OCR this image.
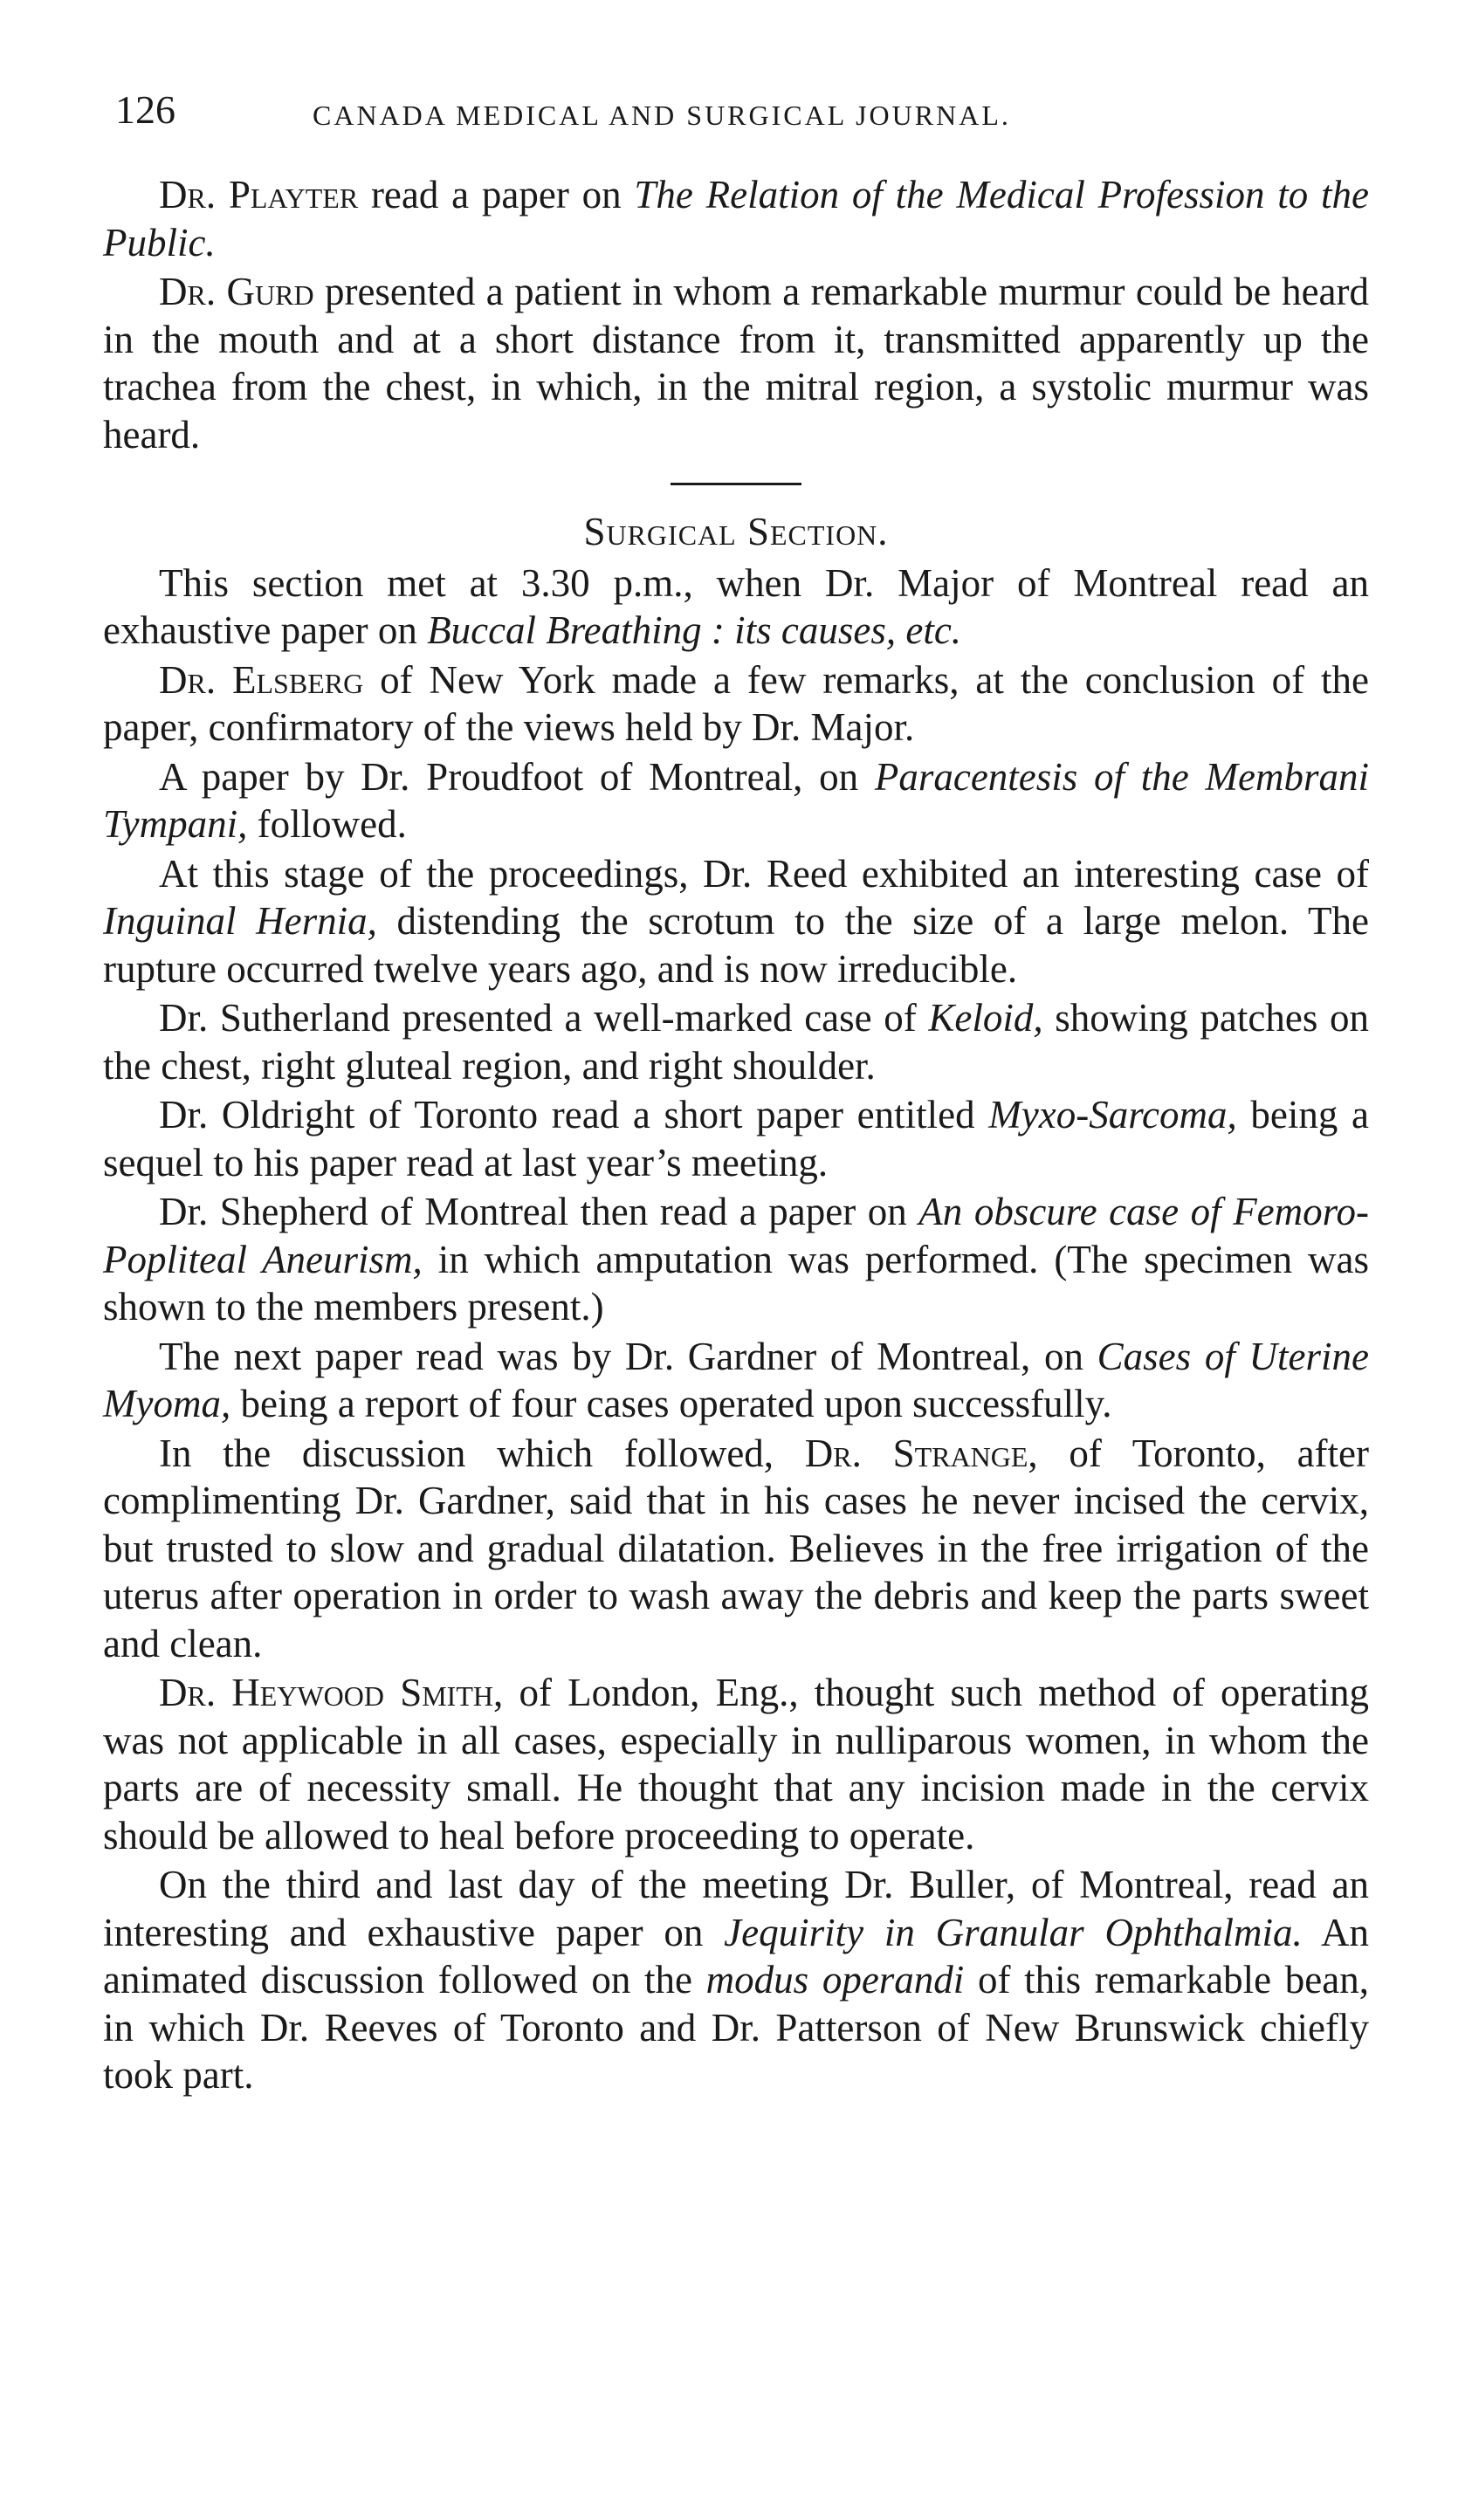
126	CANADA MEDICAL AND SURGICAL JOURNAL.

Dr. Playter read a paper on The Relation of the Medical Profession to the Public.

Dr. Gurd presented a patient in whom a remarkable murmur could be heard in the mouth and at a short distance from it, transmitted apparently up the trachea from the chest, in which, in the mitral region, a systolic murmur was heard.

Surgical Section.

This section met at 3.30 p.m., when Dr. Major of Montreal read an exhaustive paper on Buccal Breathing : its causes, etc.

Dr. Elsberg of New York made a few remarks, at the conclusion of the paper, confirmatory of the views held by Dr. Major.

A paper by Dr. Proudfoot of Montreal, on Paracentesis of the Membrani Tympani, followed.

At this stage of the proceedings, Dr. Reed exhibited an interesting case of Inguinal Hernia, distending the scrotum to the size of a large melon. The rupture occurred twelve years ago, and is now irreducible.

Dr. Sutherland presented a well-marked case of Keloid, showing patches on the chest, right gluteal region, and right shoulder.

Dr. Oldright of Toronto read a short paper entitled Myxo-Sarcoma, being a sequel to his paper read at last year’s meeting.

Dr. Shepherd of Montreal then read a paper on An obscure case of Femoro-Popliteal Aneurism, in which amputation was performed. (The specimen was shown to the members present.)

The next paper read was by Dr. Gardner of Montreal, on Cases of Uterine Myoma, being a report of four cases operated upon successfully.

In the discussion which followed, Dr. Strange, of Toronto, after complimenting Dr. Gardner, said that in his cases he never incised the cervix, but trusted to slow and gradual dilatation. Believes in the free irrigation of the uterus after operation in order to wash away the debris and keep the parts sweet and clean.

Dr. Heywood Smith, of London, Eng., thought such method of operating was not applicable in all cases, especially in nulliparous women, in whom the parts are of necessity small. He thought that any incision made in the cervix should be allowed to heal before proceeding to operate.

On the third and last day of the meeting Dr. Buller, of Montreal, read an interesting and exhaustive paper on Jequirity in Granular Ophthalmia. An animated discussion followed on the modus operandi of this remarkable bean, in which Dr. Reeves of Toronto and Dr. Patterson of New Brunswick chiefly took part.
